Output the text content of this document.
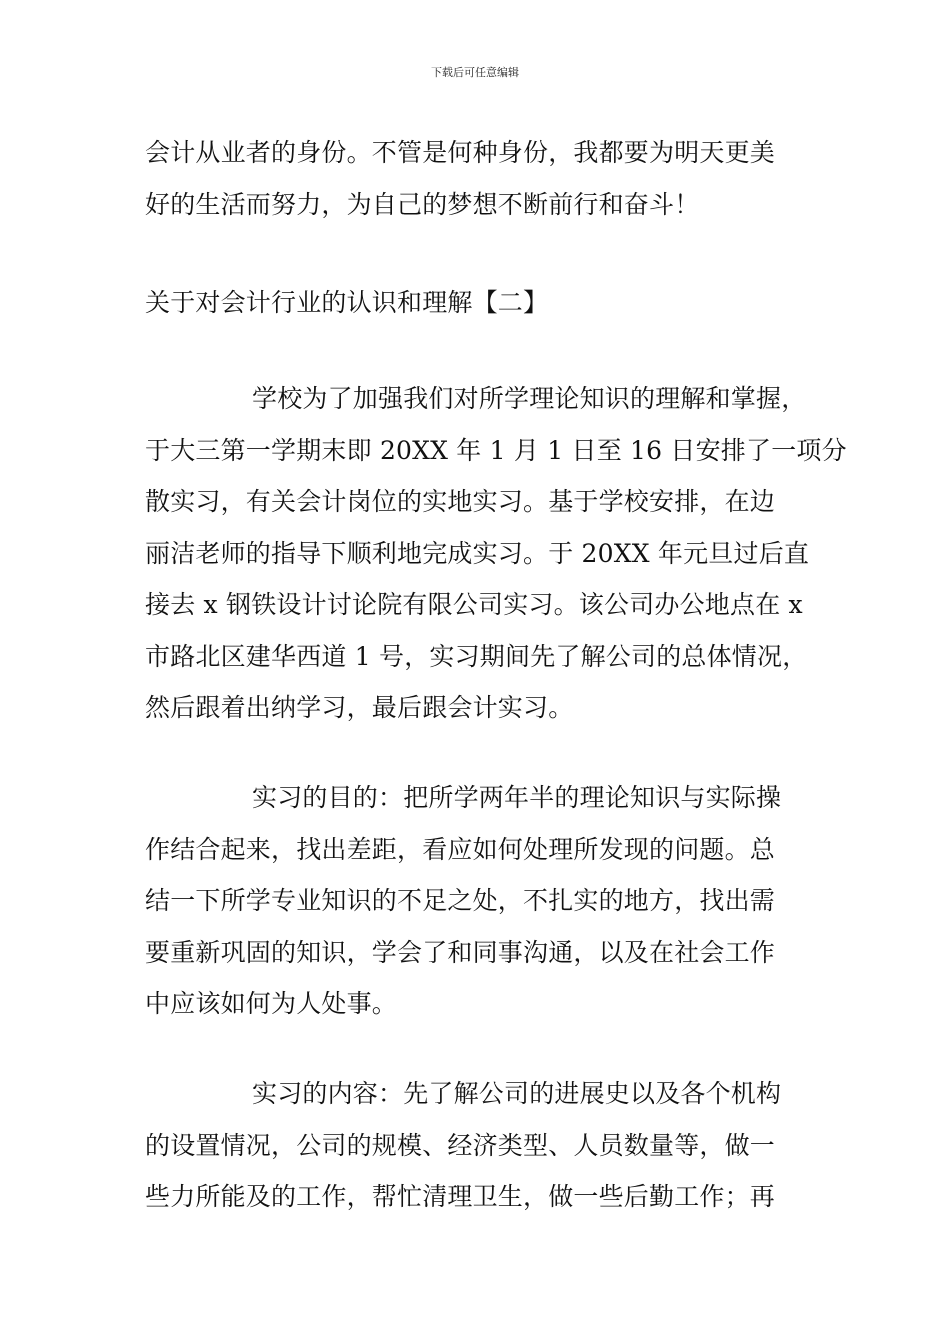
下载后可任意编辑
会计从业者的身份。不管是何种身份，我都要为明天更美
好的生活而努力，为自己的梦想不断前行和奋斗！
关于对会计行业的认识和理解【二】
学校为了加强我们对所学理论知识的理解和掌握，
于大三第一学期末即 20XX 年 1 月 1 日至 16 日安排了一项分
散实习，有关会计岗位的实地实习。基于学校安排，在边
丽洁老师的指导下顺利地完成实习。于 20XX 年元旦过后直
接去 x 钢铁设计讨论院有限公司实习。该公司办公地点在 x
市路北区建华西道 1 号，实习期间先了解公司的总体情况，
然后跟着出纳学习，最后跟会计实习。
实习的目的：把所学两年半的理论知识与实际操
作结合起来，找出差距，看应如何处理所发现的问题。总
结一下所学专业知识的不足之处，不扎实的地方，找出需
要重新巩固的知识，学会了和同事沟通，以及在社会工作
中应该如何为人处事。
实习的内容：先了解公司的进展史以及各个机构
的设置情况，公司的规模、经济类型、人员数量等，做一
些力所能及的工作，帮忙清理卫生，做一些后勤工作；再
